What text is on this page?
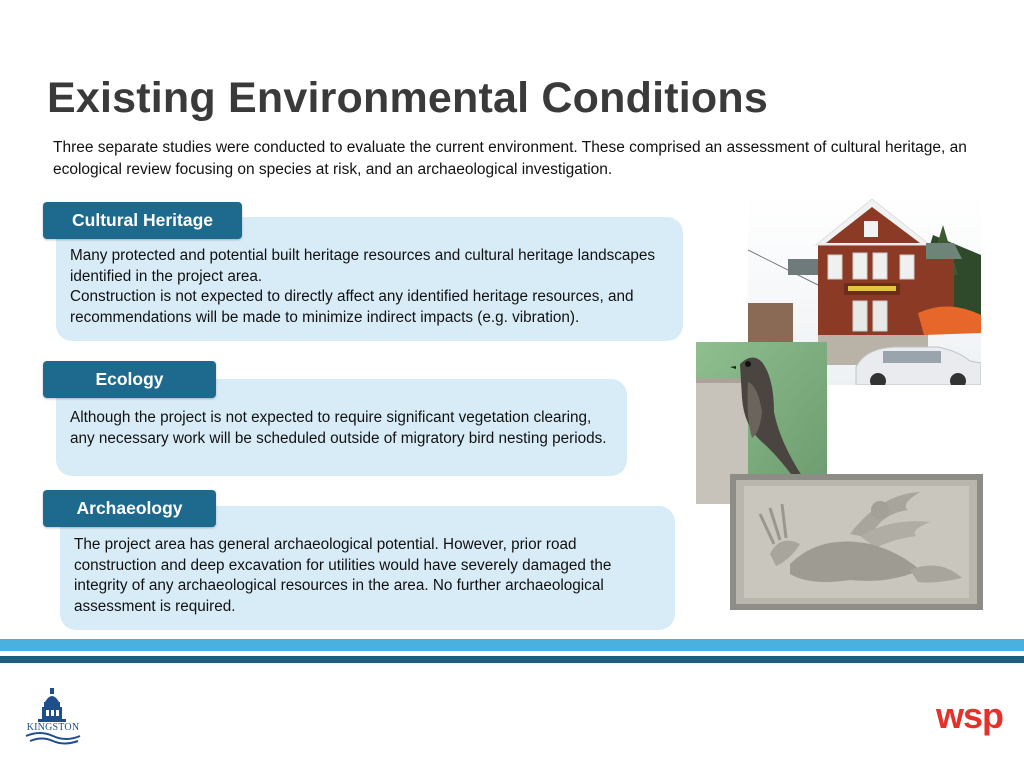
Existing Environmental Conditions
Three separate studies were conducted to evaluate the current environment. These comprised an assessment of cultural heritage, an ecological review focusing on species at risk, and an archaeological investigation.

Many protected and potential built heritage resources and cultural heritage landscapes identified in the project area.

Construction is not expected to directly affect any identified heritage resources, and recommendations will be made to minimize indirect impacts (e.g. vibration).

Cultural Heritage

Although the project is not expected to require significant vegetation clearing, any necessary work will be scheduled outside of migratory bird nesting periods.

Ecology

The project area has general archaeological potential. However, prior road construction and deep excavation for utilities would have severely damaged the integrity of any archaeological resources in the area. No further archaeological assessment is required.

Archaeology
KINGSTON	wsp
